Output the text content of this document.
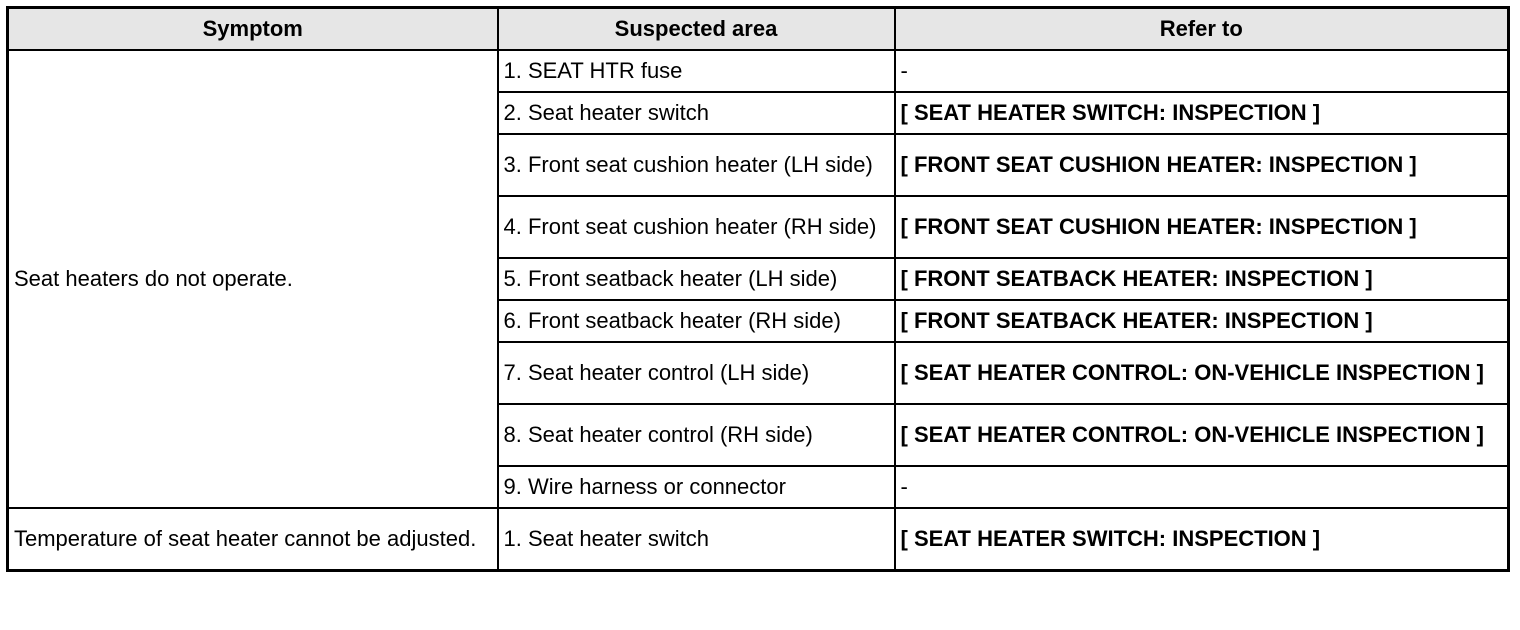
Symptom	Suspected area	Refer to
Seat heaters do not operate.	1. SEAT HTR fuse	-
	2. Seat heater switch	[ SEAT HEATER SWITCH: INSPECTION ]
	3. Front seat cushion heater (LH side)	[ FRONT SEAT CUSHION HEATER: INSPECTION ]
	4. Front seat cushion heater (RH side)	[ FRONT SEAT CUSHION HEATER: INSPECTION ]
	5. Front seatback heater (LH side)	[ FRONT SEATBACK HEATER: INSPECTION ]
	6. Front seatback heater (RH side)	[ FRONT SEATBACK HEATER: INSPECTION ]
	7. Seat heater control (LH side)	[ SEAT HEATER CONTROL: ON-VEHICLE INSPECTION ]
	8. Seat heater control (RH side)	[ SEAT HEATER CONTROL: ON-VEHICLE INSPECTION ]
	9. Wire harness or connector	-
Temperature of seat heater cannot be adjusted.	1. Seat heater switch	[ SEAT HEATER SWITCH: INSPECTION ]
